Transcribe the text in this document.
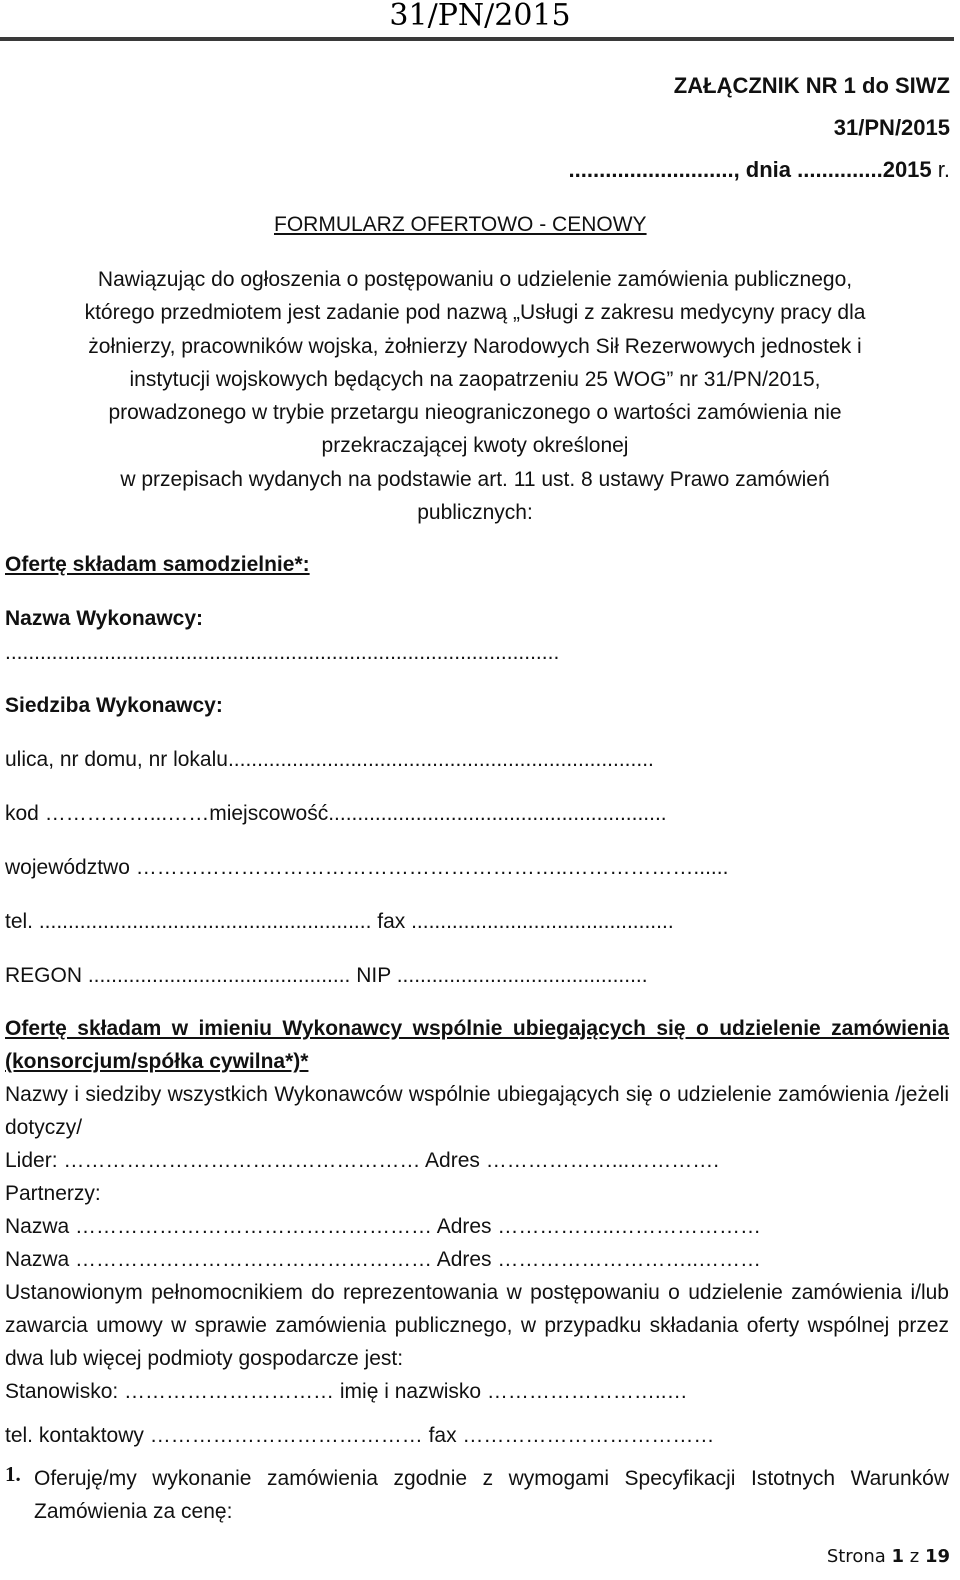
31/PN/2015
ZAŁĄCZNIK NR 1 do SIWZ
31/PN/2015
..........................., dnia ..............2015 r.
FORMULARZ OFERTOWO - CENOWY
Nawiązując do ogłoszenia o postępowaniu o udzielenie zamówienia publicznego,
którego przedmiotem jest zadanie pod nazwą „Usługi z zakresu medycyny pracy dla
żołnierzy, pracowników wojska, żołnierzy Narodowych Sił Rezerwowych jednostek i
instytucji wojskowych będących na zaopatrzeniu 25 WOG” nr 31/PN/2015,
prowadzonego w trybie przetargu nieograniczonego o wartości zamówienia nie
przekraczającej kwoty określonej
w przepisach wydanych na podstawie art. 11 ust. 8 ustawy Prawo zamówień
publicznych:
Ofertę składam samodzielnie*:
Nazwa Wykonawcy:
...............................................................................................
Siedziba Wykonawcy:
ulica, nr domu, nr lokalu.........................................................................
kod ……………...……miejscowość..........................................................
województwo ……………………………………………………..………………......
tel. ......................................................... fax .............................................
REGON ............................................. NIP ...........................................

Ofertę składam w imieniu Wykonawcy wspólnie ubiegających się o udzielenie zamówienia (konsorcjum/spółka cywilna*)*

Nazwy i siedziby wszystkich Wykonawców wspólnie ubiegających się o udzielenie zamówienia /jeżeli dotyczy/

Lider: …………………………………………… Adres ………………...………….
Partnerzy:
Nazwa …………………………………………… Adres ……………..…………………
Nazwa …………………………………………… Adres ………………………..………

Ustanowionym pełnomocnikiem do reprezentowania w postępowaniu o udzielenie zamówienia i/lub zawarcia umowy w sprawie zamówienia publicznego, w przypadku składania oferty wspólnej przez dwa lub więcej podmioty gospodarcze jest:

Stanowisko: ………………………… imię i nazwisko ……………………..…
tel. kontaktowy ………………………………… fax ………………………………
1. Oferuję/my wykonanie zamówienia zgodnie z wymogami Specyfikacji Istotnych Warunków Zamówienia za cenę:

Strona 1 z 19
